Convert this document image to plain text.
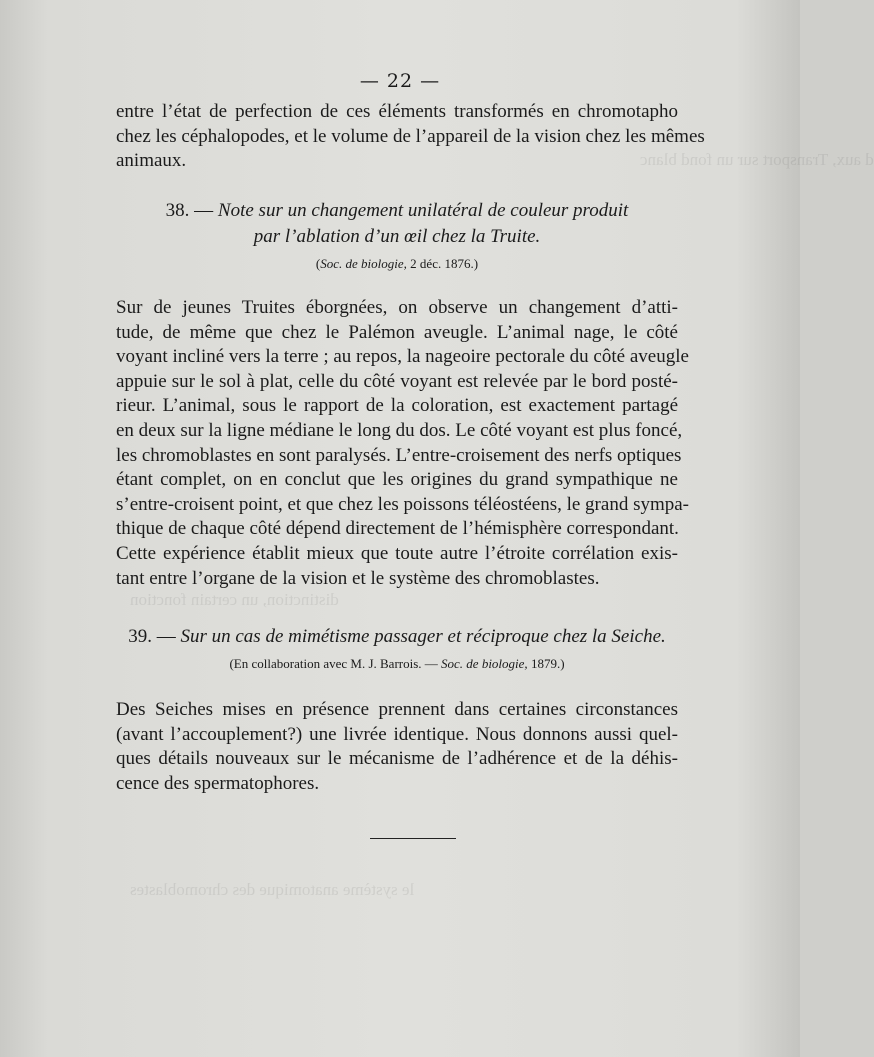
d aux, Transport sur un fond blanc
distinction, un certain fonction
le système anatomique des chromoblastes
— 22 —

entre l’état de perfection de ces éléments transformés en chromotapho
chez les céphalopodes, et le volume de l’appareil de la vision chez les mêmes
animaux.

38. — Note sur un changement unilatéral de couleur produit

par l’ablation d’un œil chez la Truite.

(Soc. de biologie, 2 déc. 1876.)

Sur de jeunes Truites éborgnées, on observe un changement d’atti-
tude, de même que chez le Palémon aveugle. L’animal nage, le côté
voyant incliné vers la terre ; au repos, la nageoire pectorale du côté aveugle
appuie sur le sol à plat, celle du côté voyant est relevée par le bord posté-
rieur. L’animal, sous le rapport de la coloration, est exactement partagé
en deux sur la ligne médiane le long du dos. Le côté voyant est plus foncé,
les chromoblastes en sont paralysés. L’entre-croisement des nerfs optiques
étant complet, on en conclut que les origines du grand sympathique ne
s’entre-croisent point, et que chez les poissons téléostéens, le grand sympa-
thique de chaque côté dépend directement de l’hémisphère correspondant.
Cette expérience établit mieux que toute autre l’étroite corrélation exis-
tant entre l’organe de la vision et le système des chromoblastes.

39. — Sur un cas de mimétisme passager et réciproque chez la Seiche.

(En collaboration avec M. J. Barrois. — Soc. de biologie, 1879.)

Des Seiches mises en présence prennent dans certaines circonstances
(avant l’accouplement?) une livrée identique. Nous donnons aussi quel-
ques détails nouveaux sur le mécanisme de l’adhérence et de la déhis-
cence des spermatophores.
